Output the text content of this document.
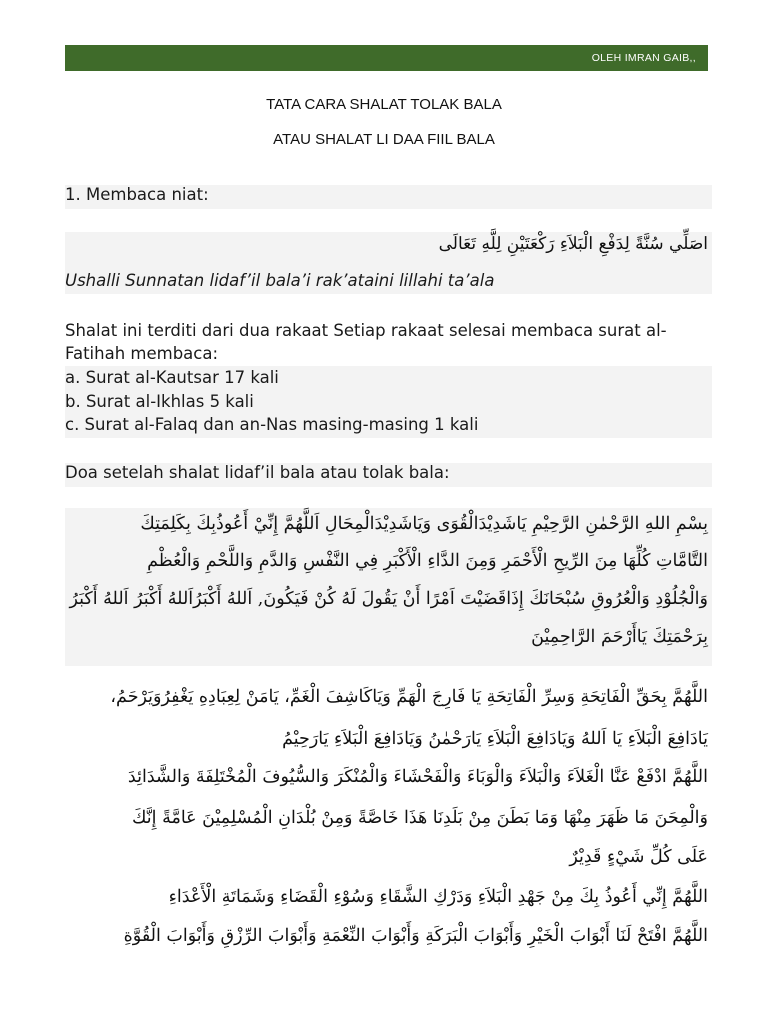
OLEH IMRAN GAIB,,
TATA CARA SHALAT TOLAK BALA
ATAU SHALAT LI DAA FIIL BALA
1. Membaca niat:
اصَلِّي سُنَّةً لِدَفْعِ الْبَلاَءِ رَكْعَتَيْنِ لِلَّهِ تَعَالَى
Ushalli Sunnatan lidaf’il bala’i rak’ataini lillahi ta’ala
Shalat ini terditi dari dua rakaat Setiap rakaat selesai membaca surat al-
Fatihah membaca:
a. Surat al-Kautsar 17 kali
b. Surat al-Ikhlas 5 kali
c. Surat al-Falaq dan an-Nas masing-masing 1 kali
Doa setelah shalat lidaf’il bala atau tolak bala:
بِسْمِ اللهِ الرَّحْمٰنِ الرَّحِيْمِ يَاشَدِيْدَالْقُوَى وَيَاشَدِيْدَالْمِحَالِ اَللَّهُمَّ إِنِّيْ أَعُوذُبِكَ بِكَلِمَتِكَ
التَّامَّاتِ كُلِّهَا مِنَ الرِّيحِ الْأَحْمَرِ وَمِنَ الدَّاءِ الْأَكْبَرِ فِي النَّفْسِ وَالدَّمِ وَاللَّحْمِ وَالْعُظْمِ
وَالْجُلُوْدِ وَالْعُرُوقِ سُبْحَانَكَ إِذَاقَضَيْتَ اَمْرًا أَنْ يَقُولَ لَهُ كُنْ فَيَكُونَ, اَللهُ أَكْبَرُاَللهُ أَكْبَرُ اَللهُ أَكْبَرُ
بِرَحْمَتِكَ يَاأَرْحَمَ الرَّاحِمِيْنَ
اللَّهُمَّ بِحَقِّ الْفَاتِحَةِ وَسِرِّ الْفَاتِحَةِ يَا فَارِجَ الْهَمِّ وَيَاكَاشِفَ الْغَمِّ، يَامَنْ لِعِبَادِهِ يَغْفِرُوَيَرْحَمُ،
يَادَافِعَ الْبَلاَءِ يَا اَللهُ وَيَادَافِعَ الْبَلاَءِ يَارَحْمٰنُ وَيَادَافِعَ الْبَلاَءِ يَارَحِيْمُ
اللَّهُمَّ ادْفَعْ عَنَّا الْغَلاَءَ وَالْبَلاَءَ وَالْوَبَاءَ وَالْفَحْشَاءَ وَالْمُنْكَرَ وَالسُّيُوفَ الْمُخْتَلِفَةَ وَالشَّدَائِدَ
وَالْمِحَنَ مَا ظَهَرَ مِنْهَا وَمَا بَطَنَ مِنْ بَلَدِنَا هَذَا خَاصَّةً وَمِنْ بُلْدَانِ الْمُسْلِمِيْنَ عَامَّةً إِنَّكَ
عَلَى كُلِّ شَيْءٍ قَدِيْرٌ
اللَّهُمَّ إِنِّي أَعُوذُ بِكَ مِنْ جَهْدِ الْبَلاَءِ وَدَرْكِ الشَّقَاءِ وَسُوْءِ الْقَضَاءِ وَشَمَاتَةِ الْأَعْدَاءِ
اللَّهُمَّ افْتَحْ لَنَا أَبْوَابَ الْخَيْرِ وَأَبْوَابَ الْبَرَكَةِ وَأَبْوَابَ النِّعْمَةِ وَأَبْوَابَ الرِّزْقِ وَأَبْوَابَ الْقُوَّةِ
